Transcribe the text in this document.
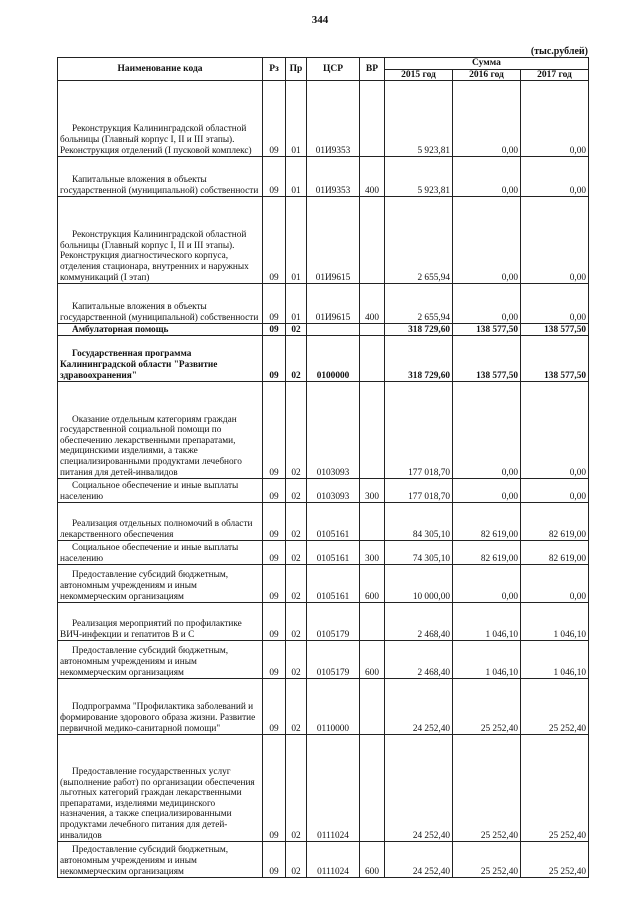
344
(тыс.рублей)
Наименование кода	Рз	Пр	ЦСР	ВР	Сумма		
					2015 год	2016 год	2017 год

Реконструкция Калининградской областной больницы (Главный корпус I, II и III этапы). Реконструкция отделений (I пусковой комплекс)	09	01	01И9353		5 923,81	0,00	0,00

Капитальные вложения в объекты государственной (муниципальной) собственности	09	01	01И9353	400	5 923,81	0,00	0,00

Реконструкция Калининградской областной больницы (Главный корпус I, II и III этапы). Реконструкция диагностического корпуса, отделения стационара, внутренних и наружных коммуникаций (I этап)	09	01	01И9615		2 655,94	0,00	0,00

Капитальные вложения в объекты государственной (муниципальной) собственности	09	01	01И9615	400	2 655,94	0,00	0,00

Амбулаторная помощь	09	02			318 729,60	138 577,50	138 577,50

Государственная программа Калининградской области "Развитие здравоохранения"	09	02	0100000		318 729,60	138 577,50	138 577,50

Оказание отдельным категориям граждан государственной социальной помощи по обеспечению лекарственными препаратами, медицинскими изделиями, а также специализированными продуктами лечебного питания для детей-инвалидов	09	02	0103093		177 018,70	0,00	0,00

Социальное обеспечение и иные выплаты населению	09	02	0103093	300	177 018,70	0,00	0,00

Реализация отдельных полномочий в области лекарственного обеспечения	09	02	0105161		84 305,10	82 619,00	82 619,00

Социальное обеспечение и иные выплаты населению	09	02	0105161	300	74 305,10	82 619,00	82 619,00

Предоставление субсидий бюджетным, автономным учреждениям и иным некоммерческим организациям	09	02	0105161	600	10 000,00	0,00	0,00

Реализация мероприятий по профилактике ВИЧ-инфекции и гепатитов В и С	09	02	0105179		2 468,40	1 046,10	1 046,10

Предоставление субсидий бюджетным, автономным учреждениям и иным некоммерческим организациям	09	02	0105179	600	2 468,40	1 046,10	1 046,10

Подпрограмма "Профилактика заболеваний и формирование здорового образа жизни. Развитие первичной медико-санитарной помощи"	09	02	0110000		24 252,40	25 252,40	25 252,40

Предоставление государственных услуг (выполнение работ) по организации обеспечения льготных категорий граждан лекарственными препаратами, изделиями медицинского назначения, а также специализированными продуктами лечебного питания для детей-инвалидов	09	02	0111024		24 252,40	25 252,40	25 252,40

Предоставление субсидий бюджетным, автономным учреждениям и иным некоммерческим организациям	09	02	0111024	600	24 252,40	25 252,40	25 252,40
